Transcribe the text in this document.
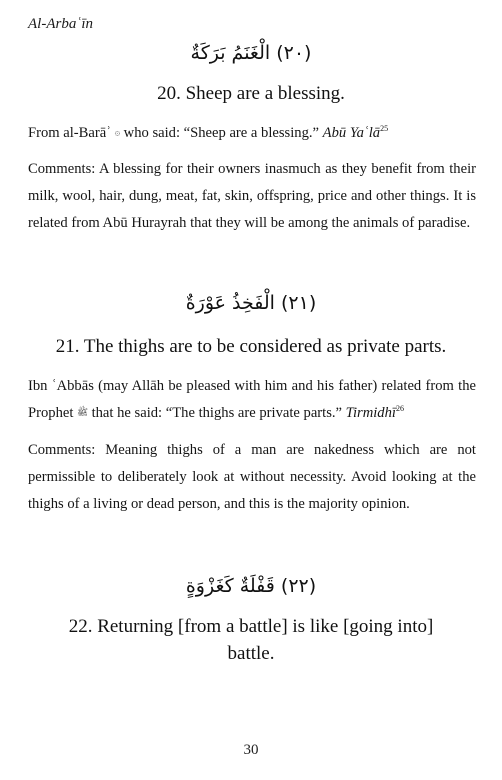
Al-Arbaʿīn
(٢٠) الْغَنَمُ بَرَكَةٌ
20. Sheep are a blessing.
From al-Barāʾ ۞ who said: “Sheep are a blessing.” Abū Yaʿlā$^{25}$
Comments: A blessing for their owners inasmuch as they benefit from their milk, wool, hair, dung, meat, fat, skin, offspring, price and other things. It is related from Abū Hurayrah that they will be among the animals of paradise.
(٢١) الْفَخِذُ عَوْرَةٌ
21. The thighs are to be considered as private parts.
Ibn ʿAbbās (may Allāh be pleased with him and his father) related from the Prophet ﷺ that he said: “The thighs are private parts.” Tirmidhī$^{26}$
Comments: Meaning thighs of a man are nakedness which are not permissible to deliberately look at without necessity. Avoid looking at the thighs of a living or dead person, and this is the majority opinion.
(٢٢) قَفْلَةٌ كَغَزْوَةٍ
22. Returning [from a battle] is like [going into]
battle.
30
